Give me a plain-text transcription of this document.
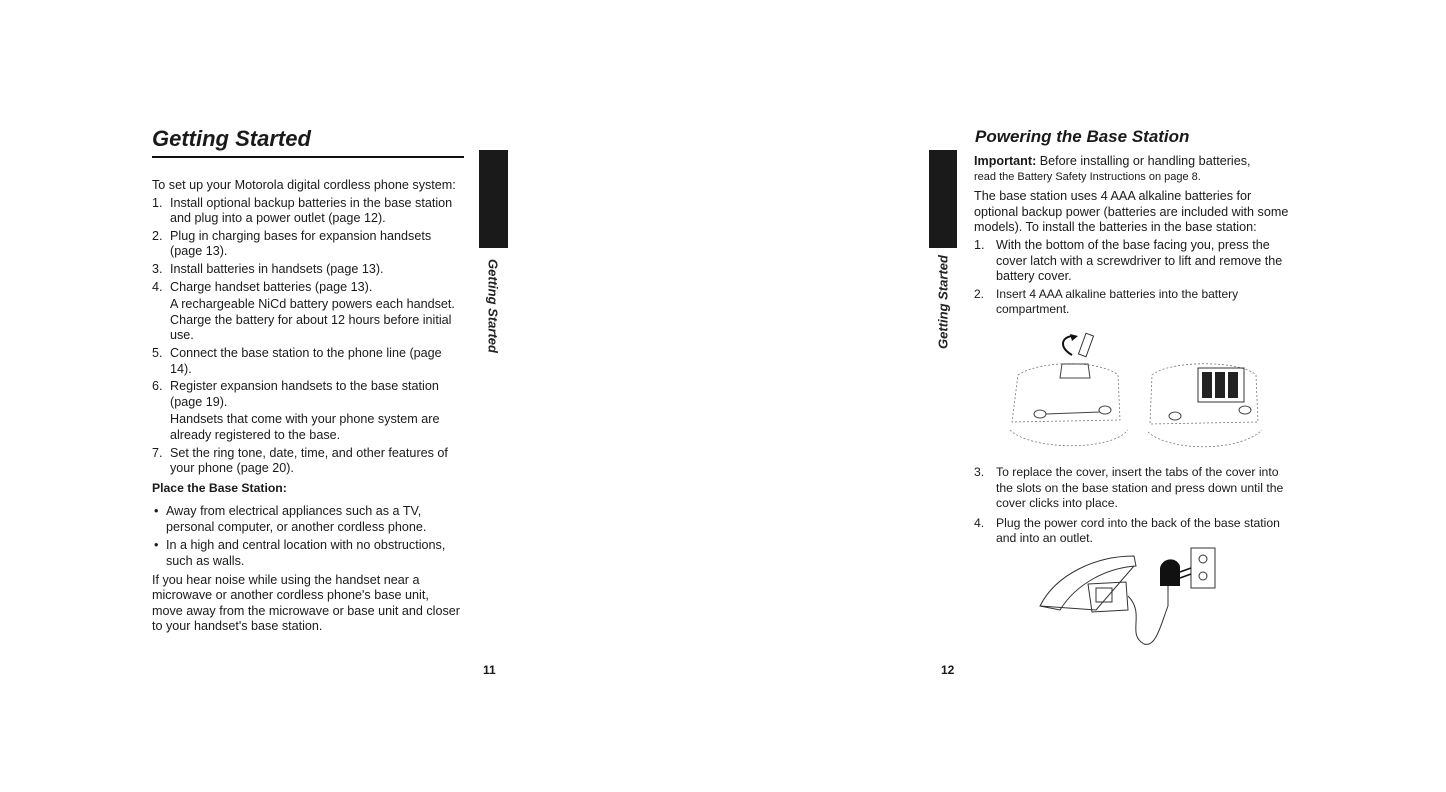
Getting Started

To set up your Motorola digital cordless phone system:

1. Install optional backup batteries in the base station and plug into a power outlet (page 12).
2. Plug in charging bases for expansion handsets (page 13).
3. Install batteries in handsets (page 13).
4. Charge handset batteries (page 13).
A rechargeable NiCd battery powers each handset. Charge the battery for about 12 hours before initial use.
5. Connect the base station to the phone line (page 14).
6. Register expansion handsets to the base station (page 19).
Handsets that come with your phone system are already registered to the base.
7. Set the ring tone, date, time, and other features of your phone (page 20).
Place the Base Station:
• Away from electrical appliances such as a TV, personal computer, or another cordless phone.
• In a high and central location with no obstructions, such as walls.

If you hear noise while using the handset near a microwave or another cordless phone's base unit, move away from the microwave or base unit and closer to your handset's base station.

Getting Started
11
Getting Started
12
Powering the Base Station

Important: Before installing or handling batteries,

read the Battery Safety Instructions on page 8.

The base station uses 4 AAA alkaline batteries for optional backup power (batteries are included with some models). To install the batteries in the base station:

1. With the bottom of the base facing you, press the cover latch with a screwdriver to lift and remove the battery cover.
2. Insert 4 AAA alkaline batteries into the battery compartment.
3. To replace the cover, insert the tabs of the cover into the slots on the base station and press down until the cover clicks into place.
4. Plug the power cord into the back of the base station and into an outlet.
